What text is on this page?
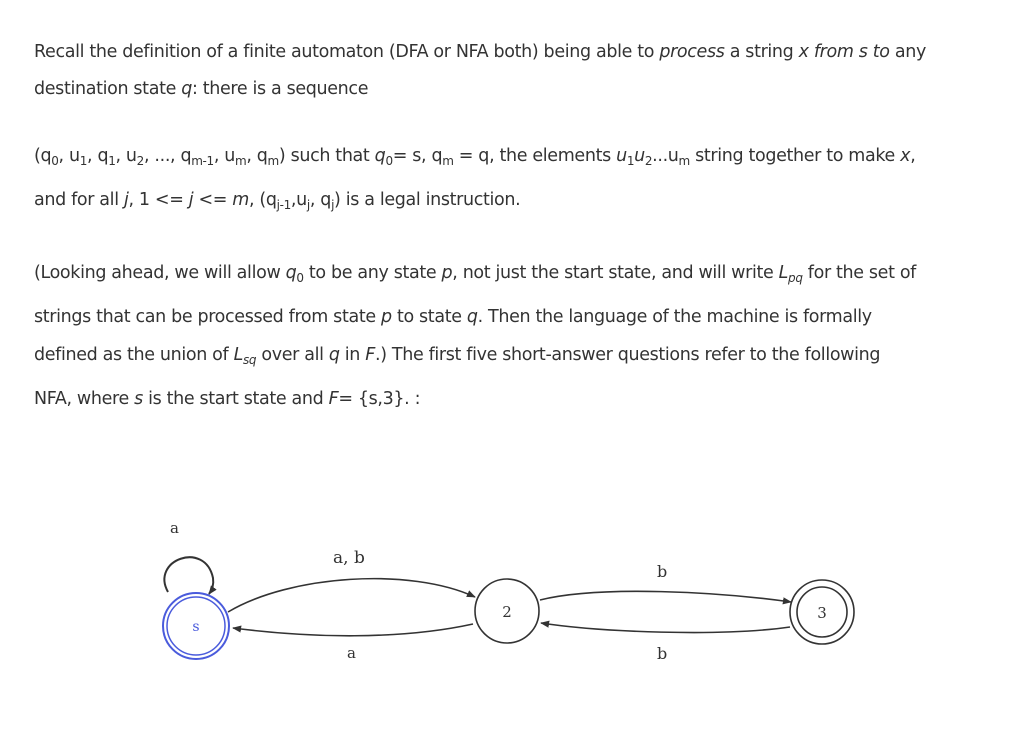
Recall the definition of a finite automaton (DFA or NFA both) being able to process a string x from s to any
destination state q: there is a sequence
($q_0$, $u_1$, $q_1$, $u_2$, ..., $q_{m-1}$, $u_m$, $q_m$) such that $q_0= s$, $q_m = q$, the elements $u_1u_2...u_m$ string together to make x,
and for all j, 1 <= j <= m, ($q_{j-1},u_j$, $q_j$) is a legal instruction.
(Looking ahead, we will allow $q_0$ to be any state p, not just the start state, and will write $L_{pq}$ for the set of
strings that can be processed from state p to state q. Then the language of the machine is formally
defined as the union of $L_{sq}$ over all q in F.) The first five short-answer questions refer to the following
NFA, where s is the start state and F= {s,3}. :
a
a, b
a
b
b
s
2	3
